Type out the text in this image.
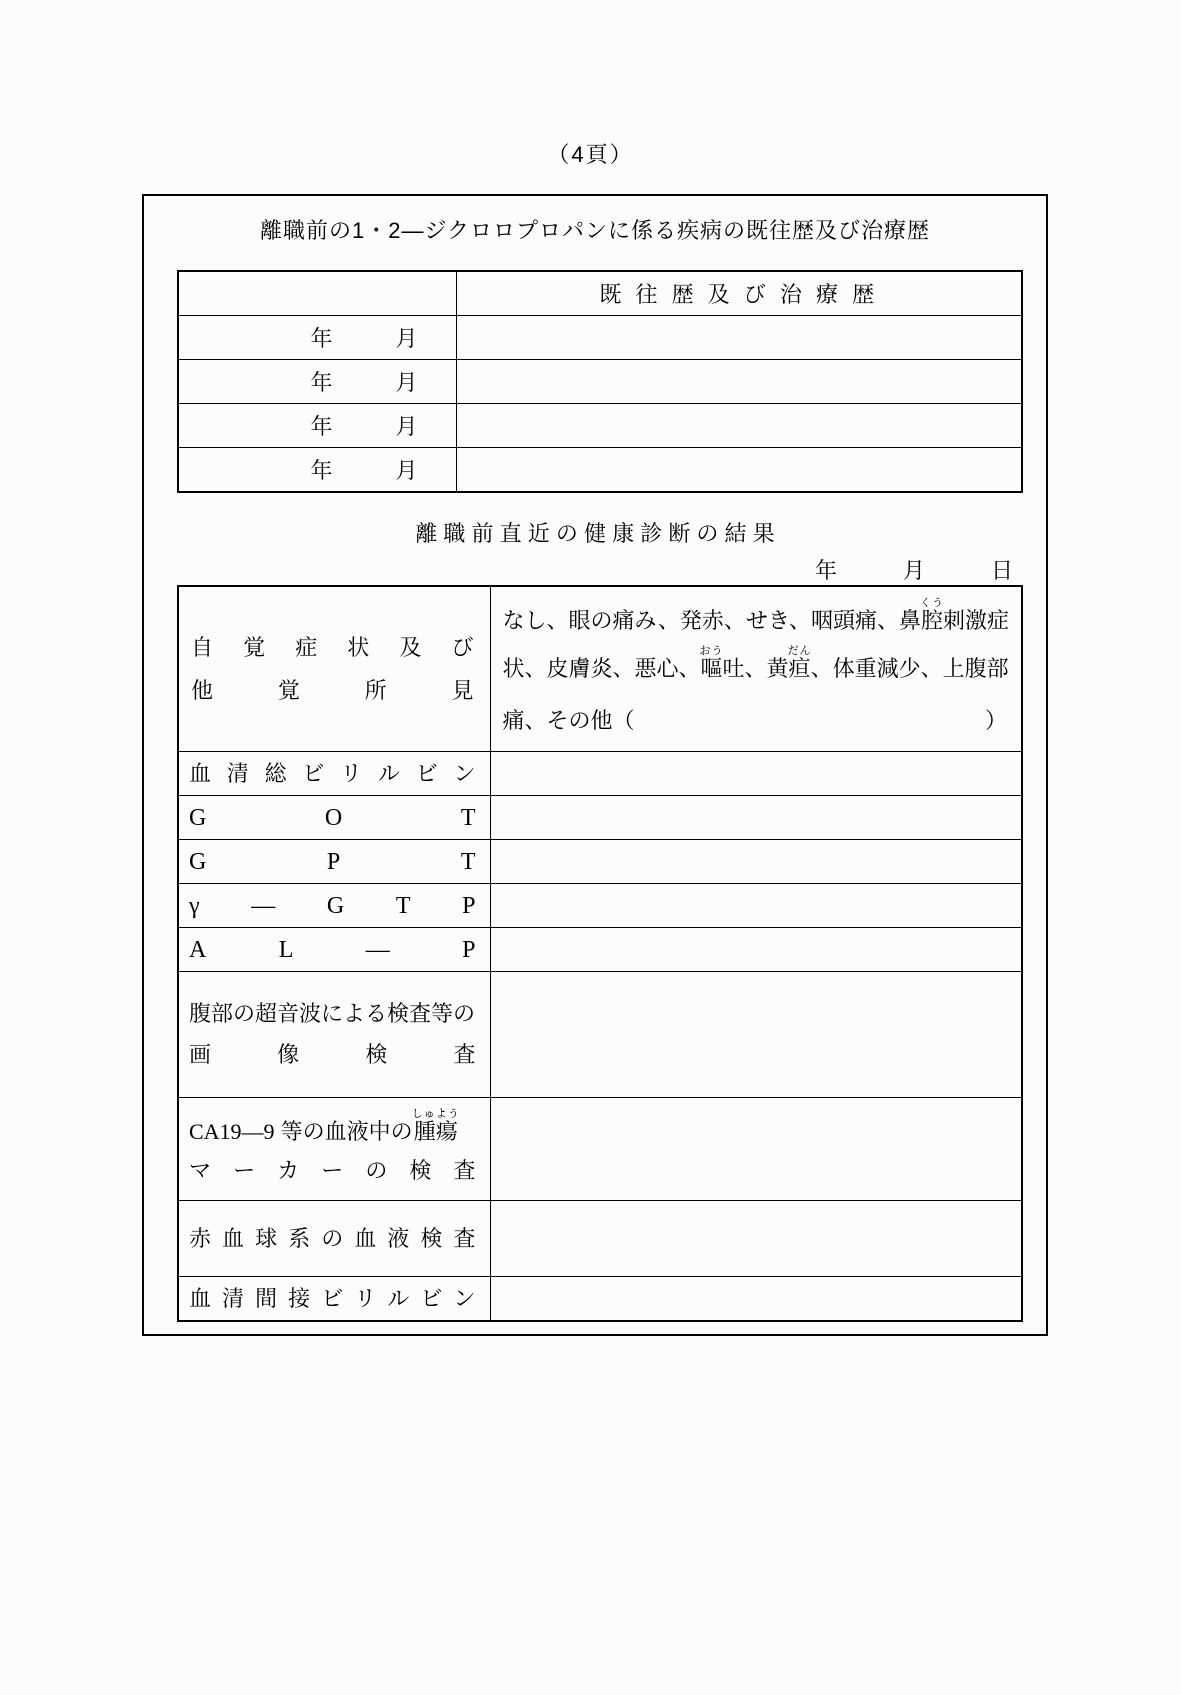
（4頁）
離職前の1・2―ジクロロプロパンに係る疾病の既往歴及び治療歴
	既 往 歴 及 び 治 療 歴

年 月	

年 月	

年 月	

年 月	

離 職 前 直 近 の 健 康 診 断 の 結 果
年	月	日
自 覚 症 状 及 び
他	覚	所	見

なし、眼の痛み、発赤、せき、咽頭痛、鼻腔くう刺激症
状、皮膚炎、悪心、嘔おう吐、黄疸だん、体重減少、上腹部
痛、その他（	）

血 清 総 ビ リ ル ビ ン

G O T	

G P T	

γ ― G T P	

A L ― P	

腹部の超音波による検査等の
画 像 検 査	

CA19―9 等の血液中の腫瘍しゅよう
マ ー カ ー の 検 査

赤 血 球 系 の 血 液 検 査

血 清 間 接 ビ リ ル ビ ン
